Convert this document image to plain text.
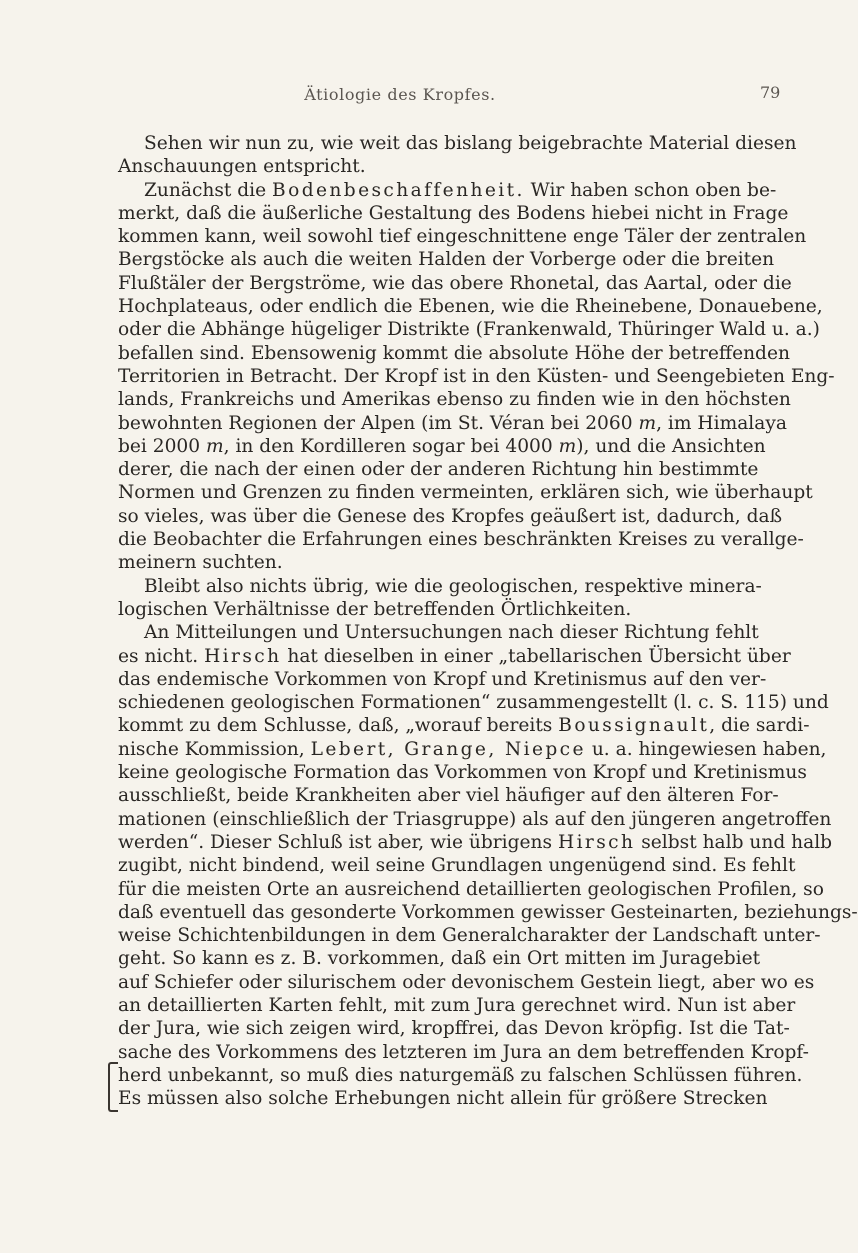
Ätiologie des Kropfes.	79
Sehen wir nun zu, wie weit das bislang beigebrachte Material diesen
Anschauungen entspricht.
Zunächst die Bodenbeschaffenheit. Wir haben schon oben be-
merkt, daß die äußerliche Gestaltung des Bodens hiebei nicht in Frage
kommen kann, weil sowohl tief eingeschnittene enge Täler der zentralen
Bergstöcke als auch die weiten Halden der Vorberge oder die breiten
Flußtäler der Bergströme, wie das obere Rhonetal, das Aartal, oder die
Hochplateaus, oder endlich die Ebenen, wie die Rheinebene, Donauebene,
oder die Abhänge hügeliger Distrikte (Frankenwald, Thüringer Wald u. a.)
befallen sind. Ebensowenig kommt die absolute Höhe der betreffenden
Territorien in Betracht. Der Kropf ist in den Küsten- und Seengebieten Eng-
lands, Frankreichs und Amerikas ebenso zu finden wie in den höchsten
bewohnten Regionen der Alpen (im St. Véran bei 2060 m, im Himalaya
bei 2000 m, in den Kordilleren sogar bei 4000 m), und die Ansichten
derer, die nach der einen oder der anderen Richtung hin bestimmte
Normen und Grenzen zu finden vermeinten, erklären sich, wie überhaupt
so vieles, was über die Genese des Kropfes geäußert ist, dadurch, daß
die Beobachter die Erfahrungen eines beschränkten Kreises zu verallge-
meinern suchten.
Bleibt also nichts übrig, wie die geologischen, respektive minera-
logischen Verhältnisse der betreffenden Örtlichkeiten.
An Mitteilungen und Untersuchungen nach dieser Richtung fehlt
es nicht. Hirsch hat dieselben in einer „tabellarischen Übersicht über
das endemische Vorkommen von Kropf und Kretinismus auf den ver-
schiedenen geologischen Formationen“ zusammengestellt (l. c. S. 115) und
kommt zu dem Schlusse, daß, „worauf bereits Boussignault, die sardi-
nische Kommission, Lebert, Grange, Niepce u. a. hingewiesen haben,
keine geologische Formation das Vorkommen von Kropf und Kretinismus
ausschließt, beide Krankheiten aber viel häufiger auf den älteren For-
mationen (einschließlich der Triasgruppe) als auf den jüngeren angetroffen
werden“. Dieser Schluß ist aber, wie übrigens Hirsch selbst halb und halb
zugibt, nicht bindend, weil seine Grundlagen ungenügend sind. Es fehlt
für die meisten Orte an ausreichend detaillierten geologischen Profilen, so
daß eventuell das gesonderte Vorkommen gewisser Gesteinarten, beziehungs-
weise Schichtenbildungen in dem Generalcharakter der Landschaft unter-
geht. So kann es z. B. vorkommen, daß ein Ort mitten im Juragebiet
auf Schiefer oder silurischem oder devonischem Gestein liegt, aber wo es
an detaillierten Karten fehlt, mit zum Jura gerechnet wird. Nun ist aber
der Jura, wie sich zeigen wird, kropffrei, das Devon kröpfig. Ist die Tat-
sache des Vorkommens des letzteren im Jura an dem betreffenden Kropf-
herd unbekannt, so muß dies naturgemäß zu falschen Schlüssen führen.
Es müssen also solche Erhebungen nicht allein für größere Strecken
